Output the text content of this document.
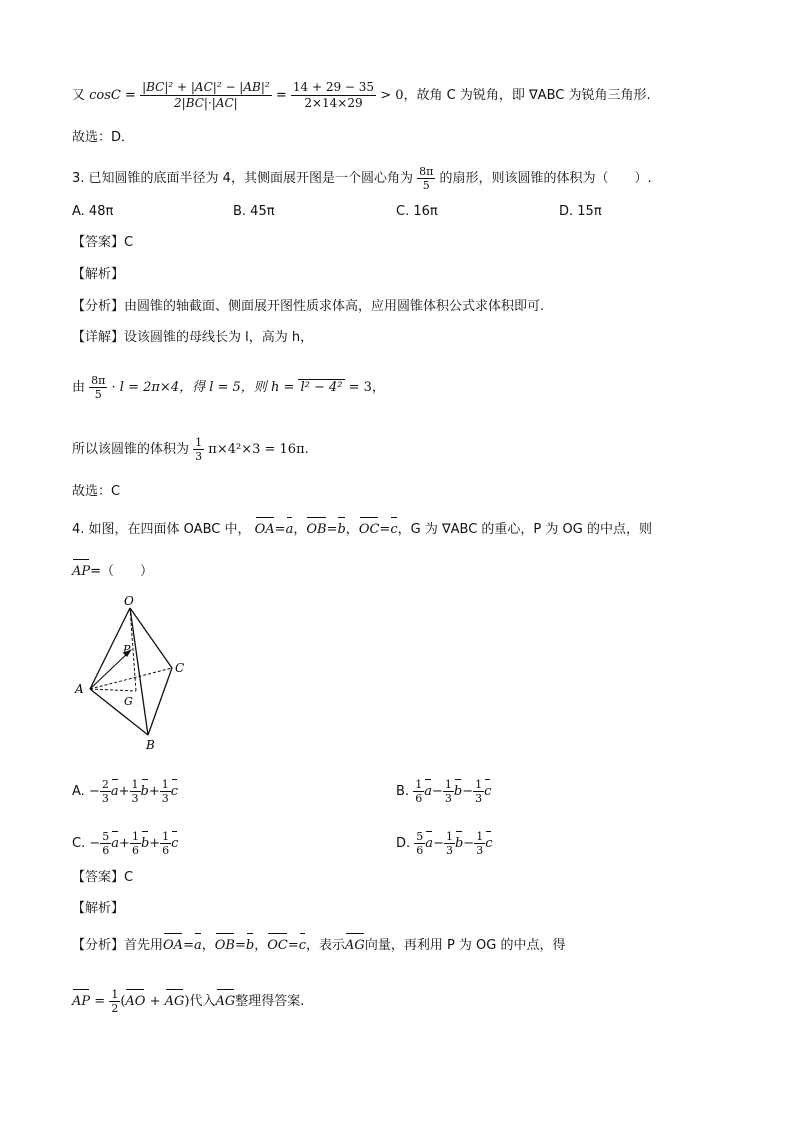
又 $\cos C = \frac{\text{|BC|² + |AC|² − |AB|²}}{2|BC|\cdot|AC|} = \frac{14 + 29 - 35}{2\times 14\times 29} > 0$，故角 C 为锐角，即 ∇ABC 为锐角三角形.
故选：D．
3. 已知圆锥的底面半径为 4，其侧面展开图是一个圆心角为 $\frac{8\pi}{5}$ 的扇形，则该圆锥的体积为（　　）.
A. 48π	B. 45π	C. 16π	D. 15π
【答案】C
【解析】
【分析】由圆锥的轴截面、侧面展开图性质求体高，应用圆锥体积公式求体积即可.
【详解】设该圆锥的母线长为 l，高为 h，
由 $\frac{8\pi}{5} \cdot l = 2\pi\times 4$，得 l = 5，则 h = l² − 4² = 3，
所以该圆锥的体积为 $\frac{1}{3} \pi\times 4^2\times 3 = 16\pi$.
故选：C
4. 如图，在四面体 OABC 中， OA=a，OB=b，OC=c，G 为 ∇ABC 的重心，P 为 OG 的中点，则
AP=（　　）
O
A
B
C
P
G
A. − $\frac{2}{3} a+ \frac{1}{3} b+ \frac{1}{3}$ c	B. $\frac{1}{6} a- \frac{1}{3} b- \frac{1}{3}$ c
C. − $\frac{5}{6} a+ \frac{1}{6} b+ \frac{1}{6}$ c	D. $\frac{5}{6} a- \frac{1}{3} b- \frac{1}{3}$ c
【答案】C
【解析】
【分析】首先用OA=a，OB=b，OC=c，表示AG向量，再利用 P 为 OG 的中点，得
AP = $\frac{1}{2} (AO + AG)$代入AG整理得答案.
